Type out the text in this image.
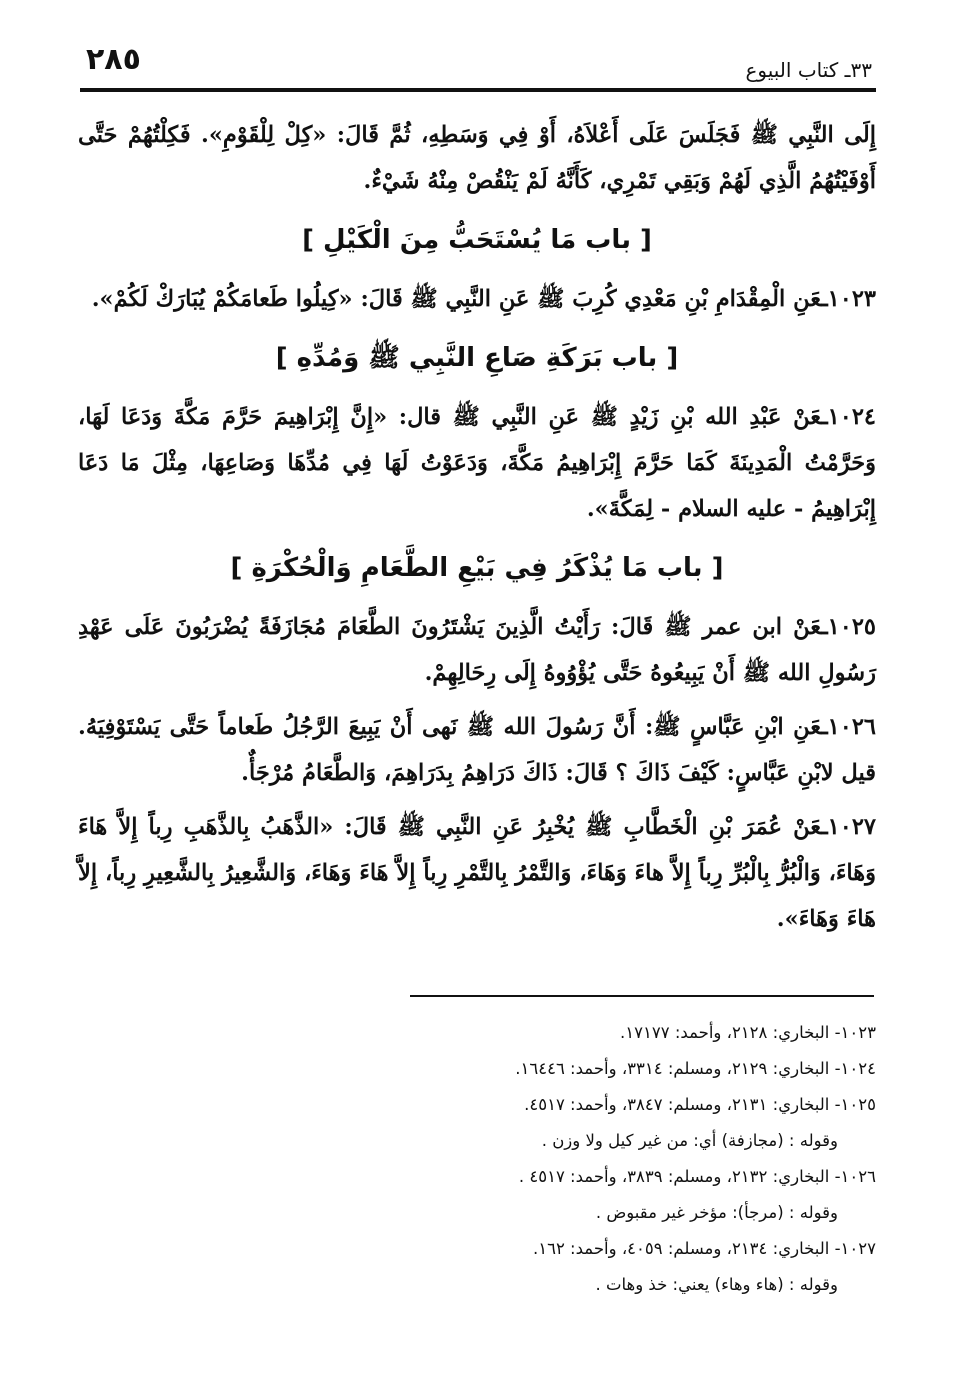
٢٨٥	٣٣ـ كتاب البيوع

إِلَى النَّبِي ﷺ فَجَلَسَ عَلَى أَعْلاَهُ، أَوْ فِي وَسَطِهِ، ثُمَّ قَالَ: «كِلْ لِلْقَوْمِ». فَكِلْتُهُمْ حَتَّى أَوْفَيْتُهُمُ الَّذِي لَهُمْ وَبَقِي تَمْرِي، كَأَنَّهُ لَمْ يَنْقُصْ مِنْهُ شَيْءٌ.

[ باب مَا يُسْتَحَبُّ مِنَ الْكَيْلِ ]

١٠٢٣ـعَنِ الْمِقْدَامِ بْنِ مَعْدِي كُرِبَ ﷺ عَنِ النَّبِي ﷺ قَالَ: «كِيلُوا طَعامَكُمْ يُبَارَكْ لَكُمْ».

[ باب بَرَكَةِ صَاعِ النَّبِي ﷺ وَمُدِّهِ ]

١٠٢٤ـعَنْ عَبْدِ الله بْنِ زَيْدٍ ﷺ عَنِ النَّبِي ﷺ قال: «إِنَّ إِبْرَاهِيمَ حَرَّمَ مَكَّةَ وَدَعَا لَهَا، وَحَرَّمْتُ الْمَدِينَةَ كَمَا حَرَّمَ إِبْرَاهِيمُ مَكَّةَ، وَدَعَوْتُ لَهَا فِي مُدِّهَا وَصَاعِهَا، مِثْلَ مَا دَعَا إِبْرَاهِيمُ - عليه السلام - لِمَكَّةَ».

[ باب مَا يُذْكَرُ فِي بَيْعِ الطَّعَامِ وَالْحُكْرَةِ ]

١٠٢٥ـعَنْ ابن عمر ﷺ قَالَ: رَأَيْتُ الَّذِينَ يَشْتَرُونَ الطَّعَامَ مُجَازَفَةً يُضْرَبُونَ عَلَى عَهْدِ رَسُولِ الله ﷺ أَنْ يَبِيعُوهُ حَتَّى يُؤْوُوهُ إِلَى رِحَالِهِمْ.

١٠٢٦ـعَنِ ابْنِ عَبَّاسٍ ﷺ: أَنَّ رَسُولَ الله ﷺ نَهى أَنْ يَبِيعَ الرَّجُلُ طَعاماً حَتَّى يَسْتَوْفِيَهُ. قيل لابْنِ عَبَّاسٍ: كَيْفَ ذَاكَ ؟ قَالَ: ذَاكَ دَرَاهِمُ بِدَرَاهِمَ، وَالطَّعَامُ مُرْجَأٌ.

١٠٢٧ـعَنْ عُمَرَ بْنِ الْخَطَّابِ ﷺ يُخْبِرُ عَنِ النَّبِي ﷺ قَالَ: «الذَّهَبُ بِالذَّهَبِ رِباً إِلاَّ هَاءَ وَهَاءَ، وَالْبُرُّ بِالْبُرِّ رِباً إِلاَّ هاءَ وَهَاءَ، وَالتَّمْرُ بِالتَّمْرِ رِباً إِلاَّ هَاءَ وَهَاءَ، وَالشَّعِيرُ بِالشَّعِيرِ رِباً، إِلاَّ هَاءَ وَهَاءَ».

١٠٢٣- البخاري: ٢١٢٨، وأحمد: ١٧١٧٧.
١٠٢٤- البخاري: ٢١٢٩، ومسلم: ٣٣١٤، وأحمد: ١٦٤٤٦.
١٠٢٥- البخاري: ٢١٣١، ومسلم: ٣٨٤٧، وأحمد: ٤٥١٧.
وقوله : (مجازفة) أي: من غير كيل ولا وزن .
١٠٢٦- البخاري: ٢١٣٢، ومسلم: ٣٨٣٩، وأحمد: ٤٥١٧ .
وقوله : (مرجأ): مؤخر غير مقبوض .
١٠٢٧- البخاري: ٢١٣٤، ومسلم: ٤٠٥٩، وأحمد: ١٦٢.
وقوله : (هاء وهاء) يعني: خذ وهات .
